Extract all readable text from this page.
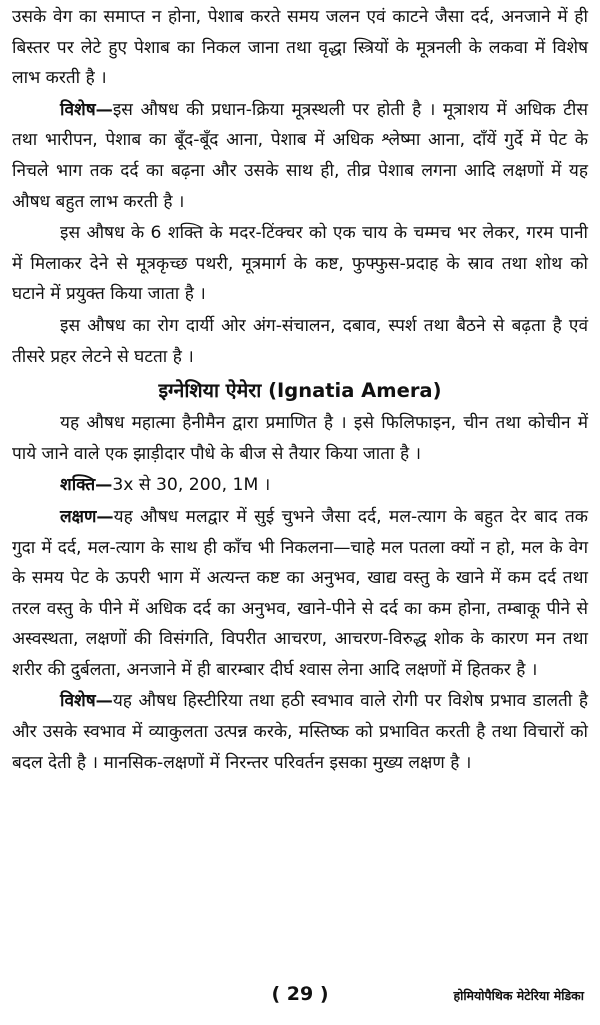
उसके वेग का समाप्त न होना, पेशाब करते समय जलन एवं काटने जैसा दर्द, अनजाने में ही बिस्तर पर लेटे हुए पेशाब का निकल जाना तथा वृद्धा स्त्रियों के मूत्रनली के लकवा में विशेष लाभ करती है ।

विशेष—इस औषध की प्रधान-क्रिया मूत्रस्थली पर होती है । मूत्राशय में अधिक टीस तथा भारीपन, पेशाब का बूँद-बूँद आना, पेशाब में अधिक श्लेष्मा आना, दाँयें गुर्दे में पेट के निचले भाग तक दर्द का बढ़ना और उसके साथ ही, तीव्र पेशाब लगना आदि लक्षणों में यह औषध बहुत लाभ करती है ।

इस औषध के 6 शक्ति के मदर-टिंक्चर को एक चाय के चम्मच भर लेकर, गरम पानी में मिलाकर देने से मूत्रकृच्छ पथरी, मूत्रमार्ग के कष्ट, फुफ्फुस-प्रदाह के स्राव तथा शोथ को घटाने में प्रयुक्त किया जाता है ।

इस औषध का रोग दार्यी ओर अंग-संचालन, दबाव, स्पर्श तथा बैठने से बढ़ता है एवं तीसरे प्रहर लेटने से घटता है ।

इग्नेशिया ऐमेरा (Ignatia Amera)

यह औषध महात्मा हैनीमैन द्वारा प्रमाणित है । इसे फिलिफाइन, चीन तथा कोचीन में पाये जाने वाले एक झाड़ीदार पौधे के बीज से तैयार किया जाता है ।

शक्ति—3x से 30, 200, 1M ।

लक्षण—यह औषध मलद्वार में सुई चुभने जैसा दर्द, मल-त्याग के बहुत देर बाद तक गुदा में दर्द, मल-त्याग के साथ ही काँच भी निकलना—चाहे मल पतला क्यों न हो, मल के वेग के समय पेट के ऊपरी भाग में अत्यन्त कष्ट का अनुभव, खाद्य वस्तु के खाने में कम दर्द तथा तरल वस्तु के पीने में अधिक दर्द का अनुभव, खाने-पीने से दर्द का कम होना, तम्बाकू पीने से अस्वस्थता, लक्षणों की विसंगति, विपरीत आचरण, आचरण-विरुद्ध शोक के कारण मन तथा शरीर की दुर्बलता, अनजाने में ही बारम्बार दीर्घ श्वास लेना आदि लक्षणों में हितकर है ।

विशेष—यह औषध हिस्टीरिया तथा हठी स्वभाव वाले रोगी पर विशेष प्रभाव डालती है और उसके स्वभाव में व्याकुलता उत्पन्न करके, मस्तिष्क को प्रभावित करती है तथा विचारों को बदल देती है । मानसिक-लक्षणों में निरन्तर परिवर्तन इसका मुख्य लक्षण है ।

( 29 )	होमियोपैथिक मेटेरिया मेडिका
